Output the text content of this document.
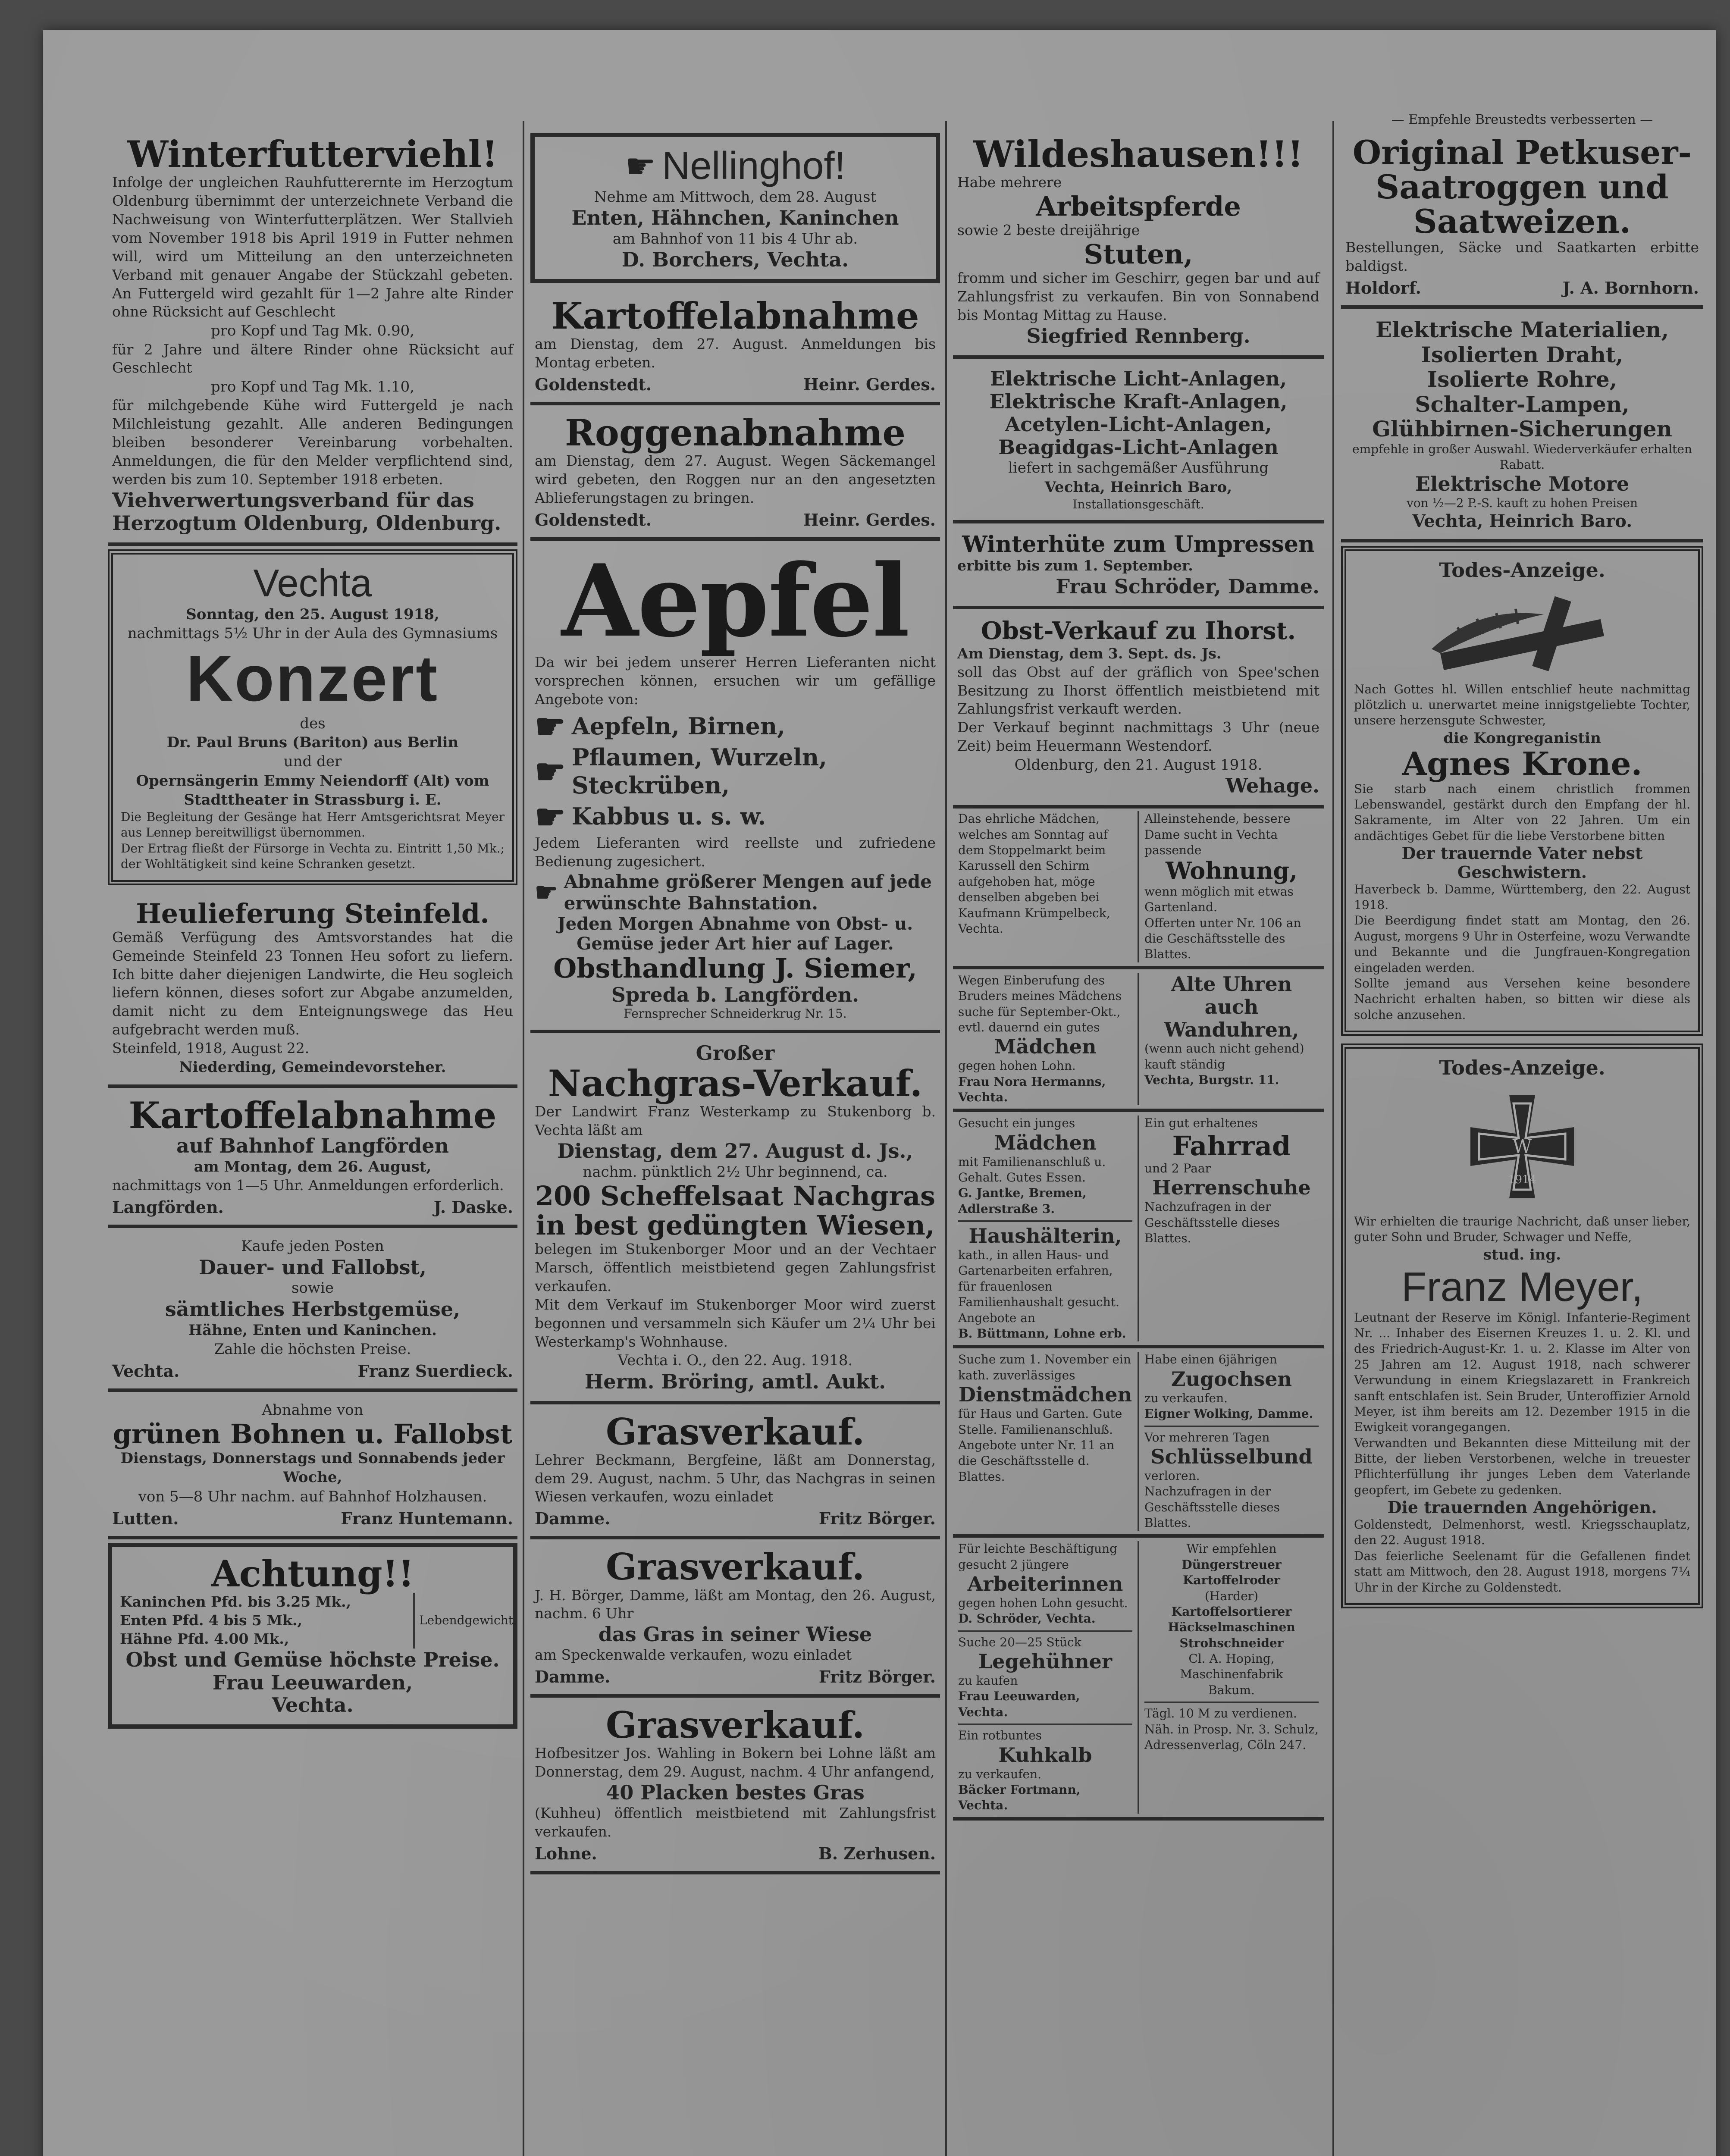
— Empfehle Breustedts verbesserten —
Winterfutterviehl!
Infolge der ungleichen Rauhfutterernte im Herzogtum Oldenburg übernimmt der unterzeichnete Verband die Nachweisung von Winterfutterplätzen. Wer Stallvieh vom November 1918 bis April 1919 in Futter nehmen will, wird um Mitteilung an den unterzeichneten Verband mit genauer Angabe der Stückzahl gebeten. An Futtergeld wird gezahlt für 1—2 Jahre alte Rinder ohne Rücksicht auf Geschlecht
pro Kopf und Tag Mk. 0.90,
für 2 Jahre und ältere Rinder ohne Rücksicht auf Geschlecht
pro Kopf und Tag Mk. 1.10,
für milchgebende Kühe wird Futtergeld je nach Milchleistung gezahlt. Alle anderen Bedingungen bleiben besonderer Vereinbarung vorbehalten. Anmeldungen, die für den Melder verpflichtend sind, werden bis zum 10. September 1918 erbeten.
Viehverwertungsverband für das Herzogtum Oldenburg, Oldenburg.
Vechta
Sonntag, den 25. August 1918,
nachmittags 5½ Uhr in der Aula des Gymnasiums
Konzert
des
Dr. Paul Bruns (Bariton) aus Berlin
und der
Opernsängerin Emmy Neiendorff (Alt) vom Stadttheater in Strassburg i. E.
Die Begleitung der Gesänge hat Herr Amtsgerichtsrat Meyer aus Lennep bereitwilligst übernommen.
Der Ertrag fließt der Fürsorge in Vechta zu. Eintritt 1,50 Mk.; der Wohltätigkeit sind keine Schranken gesetzt.
Heulieferung Steinfeld.
Gemäß Verfügung des Amtsvorstandes hat die Gemeinde Steinfeld 23 Tonnen Heu sofort zu liefern. Ich bitte daher diejenigen Landwirte, die Heu sogleich liefern können, dieses sofort zur Abgabe anzumelden, damit nicht zu dem Enteignungswege das Heu aufgebracht werden muß.
Steinfeld, 1918, August 22.
Niederding, Gemeindevorsteher.
Kartoffelabnahme
auf Bahnhof Langförden
am Montag, dem 26. August,
nachmittags von 1—5 Uhr. Anmeldungen erforderlich.
Langförden.	J. Daske.
Kaufe jeden Posten
Dauer- und Fallobst,
sowie
sämtliches Herbstgemüse,
Hähne, Enten und Kaninchen.
Zahle die höchsten Preise.
Vechta.	Franz Suerdieck.
Abnahme von
grünen Bohnen u. Fallobst
Dienstags, Donnerstags und Sonnabends jeder Woche,
von 5—8 Uhr nachm. auf Bahnhof Holzhausen.
Lutten.	Franz Huntemann.
Achtung!!
Kaninchen Pfd. bis 3.25 Mk.,
Enten Pfd. 4 bis 5 Mk.,
Hähne Pfd. 4.00 Mk.,
Lebendgewicht.
Obst und Gemüse höchste Preise.
Frau Leeuwarden,
Vechta.
☛ Nellinghof!
Nehme am Mittwoch, dem 28. August
Enten, Hähnchen, Kaninchen
am Bahnhof von 11 bis 4 Uhr ab.
D. Borchers, Vechta.
Kartoffelabnahme
am Dienstag, dem 27. August. Anmeldungen bis Montag erbeten.
Goldenstedt.	Heinr. Gerdes.
Roggenabnahme
am Dienstag, dem 27. August. Wegen Säckemangel wird gebeten, den Roggen nur an den angesetzten Ablieferungstagen zu bringen.
Goldenstedt.	Heinr. Gerdes.
Aepfel
Da wir bei jedem unserer Herren Lieferanten nicht vorsprechen können, ersuchen wir um gefällige Angebote von:
☛ Aepfeln, Birnen,
☛ Pflaumen, Wurzeln, Steckrüben,
☛ Kabbus u. s. w.
Jedem Lieferanten wird reellste und zufriedene Bedienung zugesichert.
☛ Abnahme größerer Mengen auf jede erwünschte Bahnstation.
Jeden Morgen Abnahme von Obst- u. Gemüse jeder Art hier auf Lager.
Obsthandlung J. Siemer,
Spreda b. Langförden.
Fernsprecher Schneiderkrug Nr. 15.
Großer
Nachgras-Verkauf.
Der Landwirt Franz Westerkamp zu Stukenborg b. Vechta läßt am
Dienstag, dem 27. August d. Js.,
nachm. pünktlich 2½ Uhr beginnend, ca.
200 Scheffelsaat Nachgras in best gedüngten Wiesen,
belegen im Stukenborger Moor und an der Vechtaer Marsch, öffentlich meistbietend gegen Zahlungsfrist verkaufen.
Mit dem Verkauf im Stukenborger Moor wird zuerst begonnen und versammeln sich Käufer um 2¼ Uhr bei Westerkamp's Wohnhause.
Vechta i. O., den 22. Aug. 1918.
Herm. Bröring, amtl. Aukt.
Grasverkauf.
Lehrer Beckmann, Bergfeine, läßt am Donnerstag, dem 29. August, nachm. 5 Uhr, das Nachgras in seinen Wiesen verkaufen, wozu einladet
Damme.	Fritz Börger.
Grasverkauf.
J. H. Börger, Damme, läßt am Montag, den 26. August, nachm. 6 Uhr
das Gras in seiner Wiese
am Speckenwalde verkaufen, wozu einladet
Damme.	Fritz Börger.
Grasverkauf.
Hofbesitzer Jos. Wahling in Bokern bei Lohne läßt am Donnerstag, dem 29. August, nachm. 4 Uhr anfangend,
40 Placken bestes Gras
(Kuhheu) öffentlich meistbietend mit Zahlungsfrist verkaufen.
Lohne.	B. Zerhusen.
Wildeshausen!!!
Habe mehrere
Arbeitspferde
sowie 2 beste dreijährige
Stuten,
fromm und sicher im Geschirr, gegen bar und auf Zahlungsfrist zu verkaufen. Bin von Sonnabend bis Montag Mittag zu Hause.
Siegfried Rennberg.
Elektrische Licht-Anlagen,
Elektrische Kraft-Anlagen,
Acetylen-Licht-Anlagen,
Beagidgas-Licht-Anlagen
liefert in sachgemäßer Ausführung
Vechta, Heinrich Baro,
Installationsgeschäft.
Winterhüte zum Umpressen
erbitte bis zum 1. September.
Frau Schröder, Damme.
Obst-Verkauf zu Ihorst.
Am Dienstag, dem 3. Sept. ds. Js.
soll das Obst auf der gräflich von Spee'schen Besitzung zu Ihorst öffentlich meistbietend mit Zahlungsfrist verkauft werden.
Der Verkauf beginnt nachmittags 3 Uhr (neue Zeit) beim Heuermann Westendorf.
Oldenburg, den 21. August 1918.
Wehage.
Das ehrliche Mädchen, welches am Sonntag auf dem Stoppelmarkt beim Karussell den Schirm aufgehoben hat, möge denselben abgeben bei Kaufmann Krümpelbeck, Vechta.
Alleinstehende, bessere Dame sucht in Vechta passende
Wohnung,
wenn möglich mit etwas Gartenland.
Offerten unter Nr. 106 an die Geschäftsstelle des Blattes.
Wegen Einberufung des Bruders meines Mädchens suche für September-Okt., evtl. dauernd ein gutes
Mädchen
gegen hohen Lohn.
Frau Nora Hermanns, Vechta.
Alte Uhren
auch Wanduhren,
(wenn auch nicht gehend) kauft ständig
Vechta, Burgstr. 11.
Gesucht ein junges
Mädchen
mit Familienanschluß u. Gehalt. Gutes Essen.
G. Jantke, Bremen, Adlerstraße 3.
Haushälterin,
kath., in allen Haus- und Gartenarbeiten erfahren, für frauenlosen Familienhaushalt gesucht. Angebote an
B. Büttmann, Lohne erb.
Ein gut erhaltenes
Fahrrad
und 2 Paar
Herrenschuhe
Nachzufragen in der Geschäftsstelle dieses Blattes.
Suche zum 1. November ein kath. zuverlässiges
Dienstmädchen
für Haus und Garten. Gute Stelle. Familienanschluß.
Angebote unter Nr. 11 an die Geschäftsstelle d. Blattes.
Habe einen 6jährigen
Zugochsen
zu verkaufen.
Eigner Wolking, Damme.
Vor mehreren Tagen
Schlüsselbund
verloren.
Nachzufragen in der Geschäftsstelle dieses Blattes.
Für leichte Beschäftigung gesucht 2 jüngere
Arbeiterinnen
gegen hohen Lohn gesucht.
D. Schröder, Vechta.
Suche 20—25 Stück
Legehühner
zu kaufen
Frau Leeuwarden, Vechta.
Ein rotbuntes
Kuhkalb
zu verkaufen.
Bäcker Fortmann, Vechta.
Wir empfehlen
Düngerstreuer
Kartoffelroder
(Harder)
Kartoffelsortierer
Häckselmaschinen
Strohschneider
Cl. A. Hoping, Maschinenfabrik
Bakum.
Tägl. 10 M zu verdienen. Näh. in Prosp. Nr. 3. Schulz, Adressenverlag, Cöln 247.
Original Petkuser-Saatroggen und Saatweizen.
Bestellungen, Säcke und Saatkarten erbitte baldigst.
Holdorf.	J. A. Bornhorn.
Elektrische Materialien,
Isolierten Draht,
Isolierte Rohre,
Schalter-Lampen,
Glühbirnen-Sicherungen
empfehle in großer Auswahl. Wiederverkäufer erhalten Rabatt.
Elektrische Motore
von ½—2 P.-S. kauft zu hohen Preisen
Vechta, Heinrich Baro.
Todes-Anzeige.
Nach Gottes hl. Willen entschlief heute nachmittag plötzlich u. unerwartet meine innigstgeliebte Tochter, unsere herzensgute Schwester,
die Kongreganistin
Agnes Krone.
Sie starb nach einem christlich frommen Lebenswandel, gestärkt durch den Empfang der hl. Sakramente, im Alter von 22 Jahren. Um ein andächtiges Gebet für die liebe Verstorbene bitten
Der trauernde Vater nebst Geschwistern.
Haverbeck b. Damme, Württemberg, den 22. August 1918.
Die Beerdigung findet statt am Montag, den 26. August, morgens 9 Uhr in Osterfeine, wozu Verwandte und Bekannte und die Jungfrauen-Kongregation eingeladen werden.
Sollte jemand aus Versehen keine besondere Nachricht erhalten haben, so bitten wir diese als solche anzusehen.
Todes-Anzeige.
W
1914
Wir erhielten die traurige Nachricht, daß unser lieber, guter Sohn und Bruder, Schwager und Neffe,
stud. ing.
Franz Meyer,
Leutnant der Reserve im Königl. Infanterie-Regiment Nr. ... Inhaber des Eisernen Kreuzes 1. u. 2. Kl. und des Friedrich-August-Kr. 1. u. 2. Klasse im Alter von 25 Jahren am 12. August 1918, nach schwerer Verwundung in einem Kriegslazarett in Frankreich sanft entschlafen ist. Sein Bruder, Unteroffizier Arnold Meyer, ist ihm bereits am 12. Dezember 1915 in die Ewigkeit vorangegangen.
Verwandten und Bekannten diese Mitteilung mit der Bitte, der lieben Verstorbenen, welche in treuester Pflichterfüllung ihr junges Leben dem Vaterlande geopfert, im Gebete zu gedenken.
Die trauernden Angehörigen.
Goldenstedt, Delmenhorst, westl. Kriegsschauplatz, den 22. August 1918.
Das feierliche Seelenamt für die Gefallenen findet statt am Mittwoch, den 28. August 1918, morgens 7¼ Uhr in der Kirche zu Goldenstedt.
